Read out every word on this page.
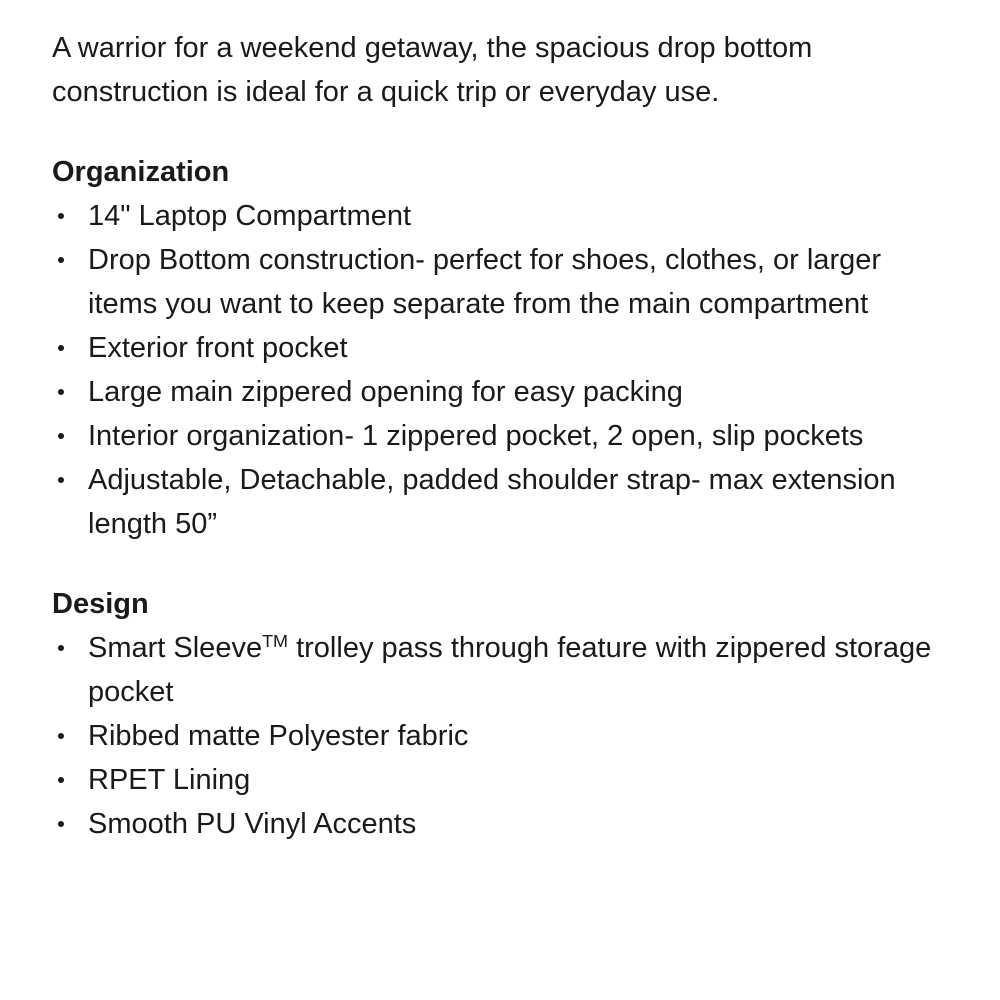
A warrior for a weekend getaway, the spacious drop bottom construction is ideal for a quick trip or everyday use.

Organization
14" Laptop Compartment
Drop Bottom construction- perfect for shoes, clothes, or larger items you want to keep separate from the main compartment
Exterior front pocket
Large main zippered opening for easy packing
Interior organization- 1 zippered pocket, 2 open, slip pockets
Adjustable, Detachable, padded shoulder strap- max extension length 50”
Design
Smart Sleeve™ trolley pass through feature with zippered storage pocket
Ribbed matte Polyester fabric
RPET Lining
Smooth PU Vinyl Accents
